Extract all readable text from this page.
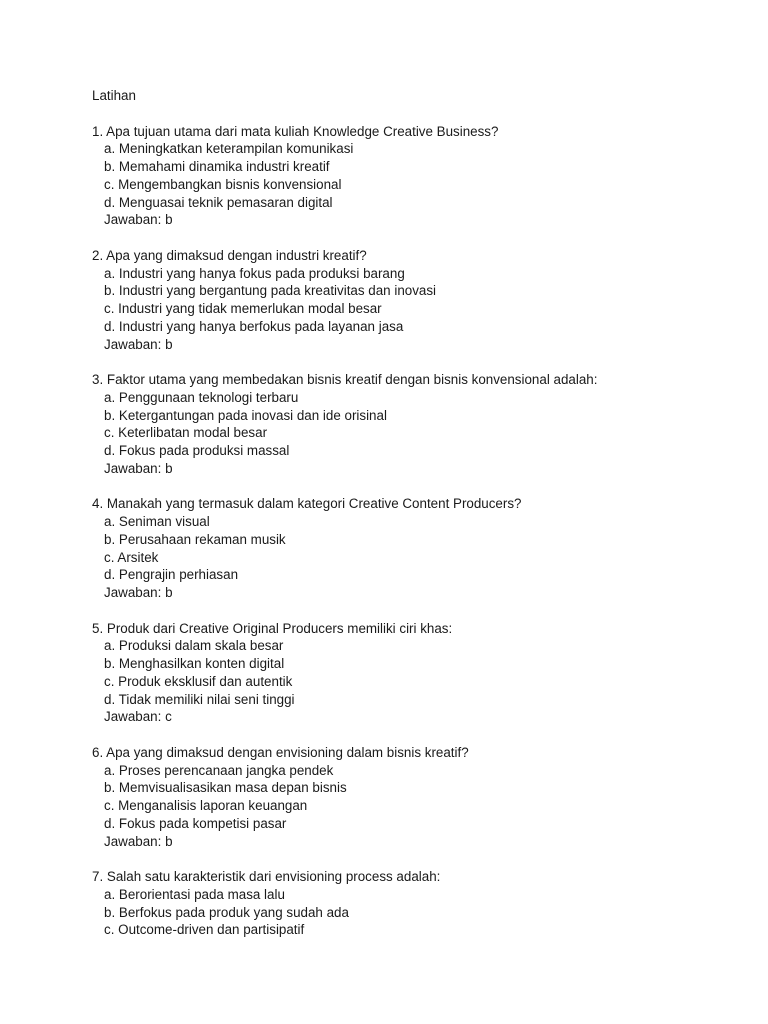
Latihan
1. Apa tujuan utama dari mata kuliah Knowledge Creative Business?
a. Meningkatkan keterampilan komunikasi
b. Memahami dinamika industri kreatif
c. Mengembangkan bisnis konvensional
d. Menguasai teknik pemasaran digital
Jawaban: b
2. Apa yang dimaksud dengan industri kreatif?
a. Industri yang hanya fokus pada produksi barang
b. Industri yang bergantung pada kreativitas dan inovasi
c. Industri yang tidak memerlukan modal besar
d. Industri yang hanya berfokus pada layanan jasa
Jawaban: b
3. Faktor utama yang membedakan bisnis kreatif dengan bisnis konvensional adalah:
a. Penggunaan teknologi terbaru
b. Ketergantungan pada inovasi dan ide orisinal
c. Keterlibatan modal besar
d. Fokus pada produksi massal
Jawaban: b
4. Manakah yang termasuk dalam kategori Creative Content Producers?
a. Seniman visual
b. Perusahaan rekaman musik
c. Arsitek
d. Pengrajin perhiasan
Jawaban: b
5. Produk dari Creative Original Producers memiliki ciri khas:
a. Produksi dalam skala besar
b. Menghasilkan konten digital
c. Produk eksklusif dan autentik
d. Tidak memiliki nilai seni tinggi
Jawaban: c
6. Apa yang dimaksud dengan envisioning dalam bisnis kreatif?
a. Proses perencanaan jangka pendek
b. Memvisualisasikan masa depan bisnis
c. Menganalisis laporan keuangan
d. Fokus pada kompetisi pasar
Jawaban: b
7. Salah satu karakteristik dari envisioning process adalah:
a. Berorientasi pada masa lalu
b. Berfokus pada produk yang sudah ada
c. Outcome-driven dan partisipatif
